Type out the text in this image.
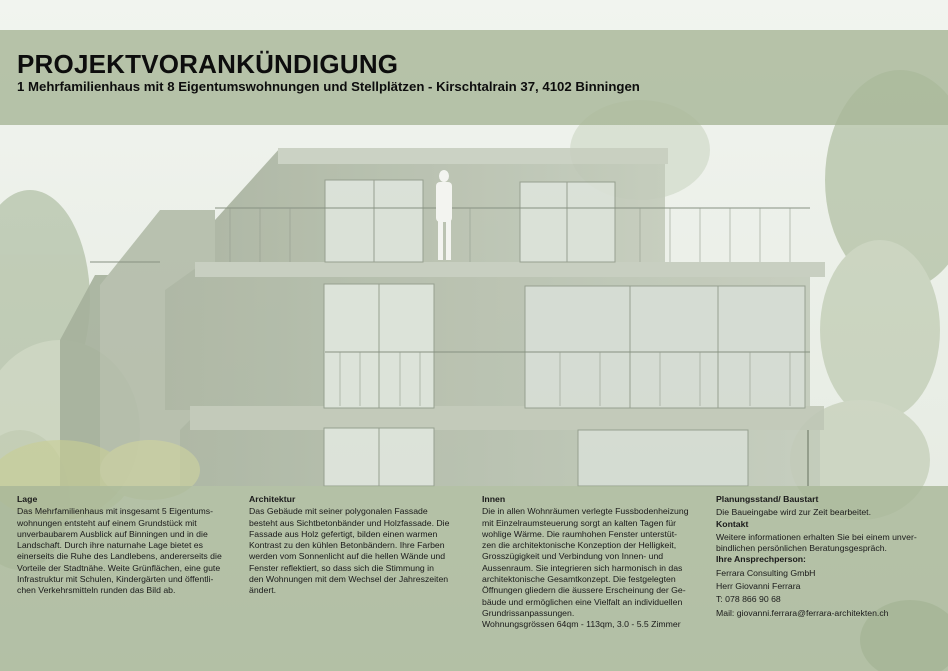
PROJEKTVORANKÜNDIGUNG
1 Mehrfamilienhaus mit 8 Eigentumswohnungen und Stellplätzen - Kirschtalrain 37, 4102 Binningen
Lage

Das Mehrfamilienhaus mit insgesamt 5 Eigentums-
wohnungen entsteht auf einem Grundstück mit
unverbaubarem Ausblick auf Binningen und in die
Landschaft. Durch ihre naturnahe Lage bietet es
einerseits die Ruhe des Landlebens, andererseits die
Vorteile der Stadtnähe. Weite Grünflächen, eine gute
Infrastruktur mit Schulen, Kindergärten und öffentli-
chen Verkehrsmitteln runden das Bild ab.

Architektur

Das Gebäude mit seiner polygonalen Fassade
besteht aus Sichtbetonbänder und Holzfassade. Die
Fassade aus Holz gefertigt, bilden einen warmen
Kontrast zu den kühlen Betonbändern. Ihre Farben
werden vom Sonnenlicht auf die hellen Wände und
Fenster reflektiert, so dass sich die Stimmung in
den Wohnungen mit dem Wechsel der Jahreszeiten
ändert.

Innen

Die in allen Wohnräumen verlegte Fussbodenheizung
mit Einzelraumsteuerung sorgt an kalten Tagen für
wohlige Wärme. Die raumhohen Fenster unterstüt-
zen die architektonische Konzeption der Helligkeit,
Grosszügigkeit und Verbindung von Innen- und
Aussenraum. Sie integrieren sich harmonisch in das
architektonische Gesamtkonzept. Die festgelegten
Öffnungen gliedern die äussere Erscheinung der Ge-
bäude und ermöglichen eine Vielfalt an individuellen
Grundrissanpassungen.
Wohnungsgrössen 64qm - 113qm, 3.0 - 5.5 Zimmer

Planungsstand/ Baustart
Die Baueingabe wird zur Zeit bearbeitet.
Kontakt
Weitere informationen erhalten Sie bei einem unver-
bindlichen persönlichen Beratungsgespräch.
Ihre Ansprechperson:
Ferrara Consulting GmbH
Herr Giovanni Ferrara
T: 078 866 90 68
Mail: giovanni.ferrara@ferrara-architekten.ch
